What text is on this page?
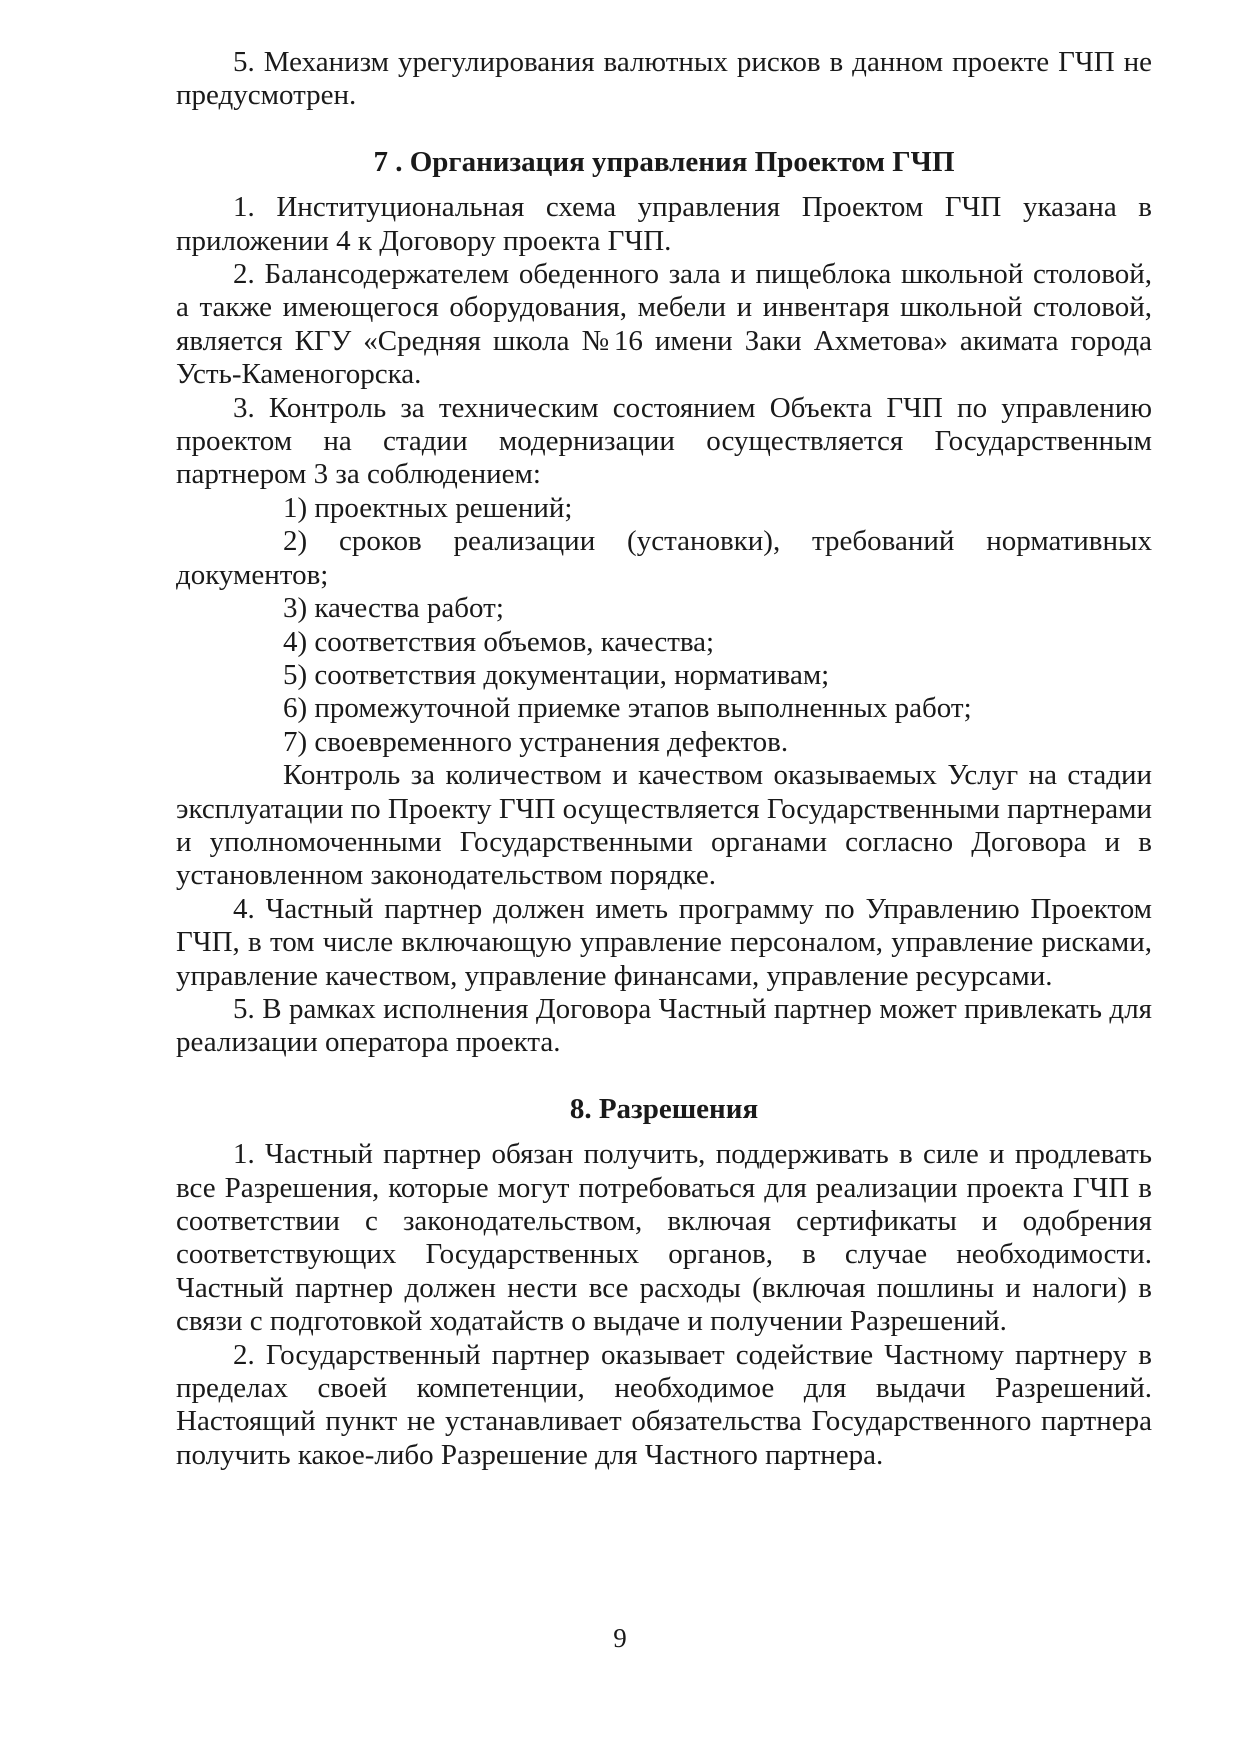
5. Механизм урегулирования валютных рисков в данном проекте ГЧП не предусмотрен.

7 . Организация управления Проектом ГЧП

1. Институциональная схема управления Проектом ГЧП указана в приложении 4 к Договору проекта ГЧП.

2. Балансодержателем обеденного зала и пищеблока школьной столовой, а также имеющегося оборудования, мебели и инвентаря школьной столовой, является КГУ «Средняя школа №16 имени Заки Ахметова» акимата города Усть-Каменогорска.

3. Контроль за техническим состоянием Объекта ГЧП по управлению проектом на стадии модернизации осуществляется Государственным партнером 3 за соблюдением:

1) проектных решений;

2) сроков реализации (установки), требований нормативных документов;

3) качества работ;

4) соответствия объемов, качества;

5) соответствия документации, нормативам;

6) промежуточной приемке этапов выполненных работ;

7) своевременного устранения дефектов.

Контроль за количеством и качеством оказываемых Услуг на стадии эксплуатации по Проекту ГЧП осуществляется Государственными партнерами и уполномоченными Государственными органами согласно Договора и в установленном законодательством порядке.

4. Частный партнер должен иметь программу по Управлению Проектом ГЧП, в том числе включающую управление персоналом, управление рисками, управление качеством, управление финансами, управление ресурсами.

5. В рамках исполнения Договора Частный партнер может привлекать для реализации оператора проекта.

8. Разрешения

1. Частный партнер обязан получить, поддерживать в силе и продлевать все Разрешения, которые могут потребоваться для реализации проекта ГЧП в соответствии с законодательством, включая сертификаты и одобрения соответствующих Государственных органов, в случае необходимости. Частный партнер должен нести все расходы (включая пошлины и налоги) в связи с подготовкой ходатайств о выдаче и получении Разрешений.

2. Государственный партнер оказывает содействие Частному партнеру в пределах своей компетенции, необходимое для выдачи Разрешений. Настоящий пункт не устанавливает обязательства Государственного партнера получить какое-либо Разрешение для Частного партнера.

9
